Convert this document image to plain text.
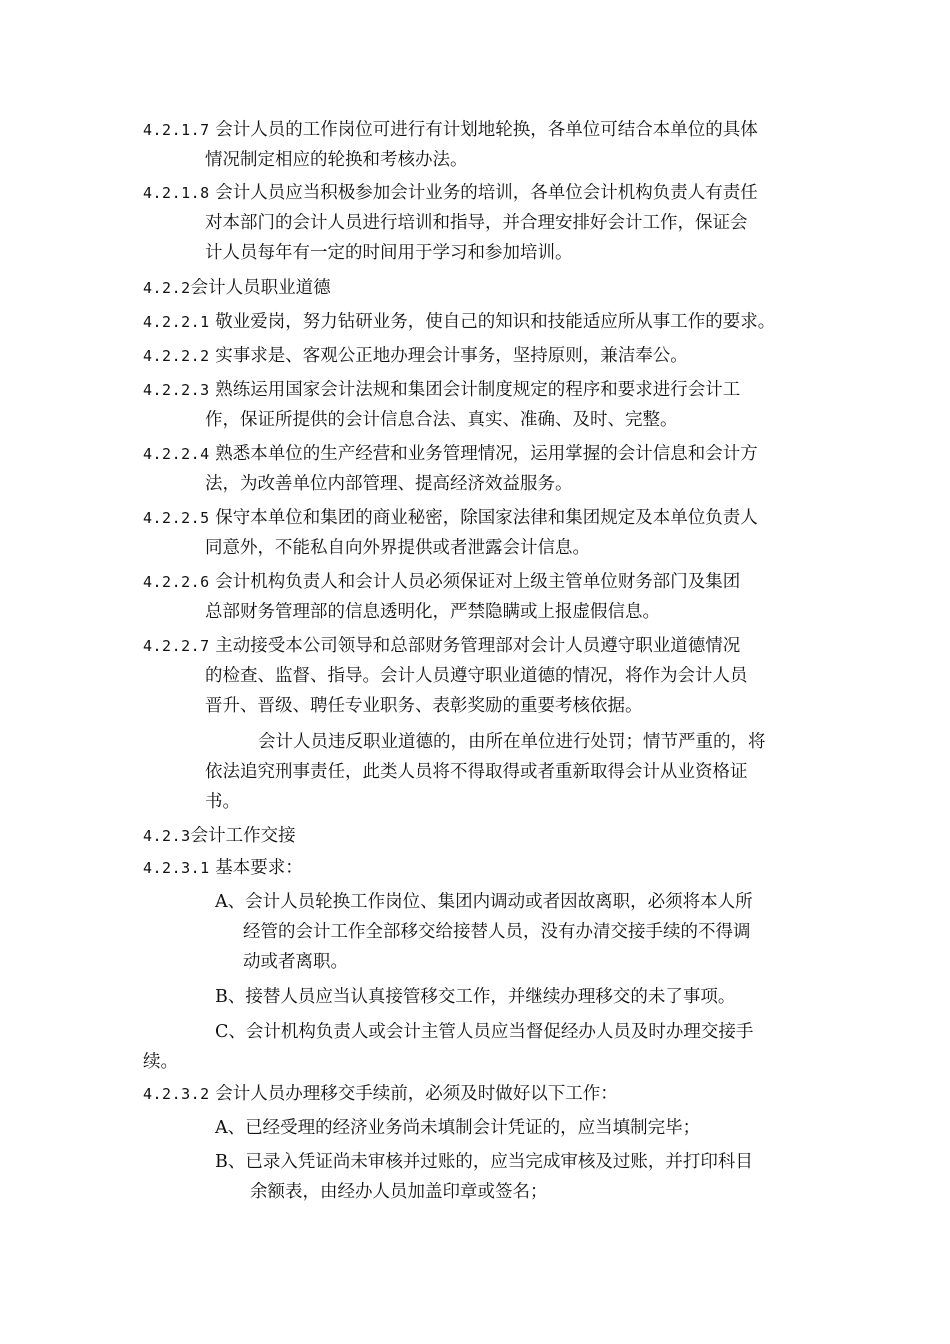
4.2.1.7 会计人员的工作岗位可进行有计划地轮换，各单位可结合本单位的具体
情况制定相应的轮换和考核办法。
4.2.1.8 会计人员应当积极参加会计业务的培训，各单位会计机构负责人有责任
对本部门的会计人员进行培训和指导，并合理安排好会计工作，保证会
计人员每年有一定的时间用于学习和参加培训。
4.2.2会计人员职业道德
4.2.2.1 敬业爱岗，努力钻研业务，使自己的知识和技能适应所从事工作的要求。
4.2.2.2 实事求是、客观公正地办理会计事务，坚持原则，兼洁奉公。
4.2.2.3 熟练运用国家会计法规和集团会计制度规定的程序和要求进行会计工
作，保证所提供的会计信息合法、真实、准确、及时、完整。
4.2.2.4 熟悉本单位的生产经营和业务管理情况，运用掌握的会计信息和会计方
法，为改善单位内部管理、提高经济效益服务。
4.2.2.5 保守本单位和集团的商业秘密，除国家法律和集团规定及本单位负责人
同意外，不能私自向外界提供或者泄露会计信息。
4.2.2.6 会计机构负责人和会计人员必须保证对上级主管单位财务部门及集团
总部财务管理部的信息透明化，严禁隐瞒或上报虚假信息。
4.2.2.7 主动接受本公司领导和总部财务管理部对会计人员遵守职业道德情况
的检查、监督、指导。会计人员遵守职业道德的情况，将作为会计人员
晋升、晋级、聘任专业职务、表彰奖励的重要考核依据。
会计人员违反职业道德的，由所在单位进行处罚；情节严重的，将
依法追究刑事责任，此类人员将不得取得或者重新取得会计从业资格证
书。
4.2.3会计工作交接
4.2.3.1 基本要求：
A、会计人员轮换工作岗位、集团内调动或者因故离职，必须将本人所
经管的会计工作全部移交给接替人员，没有办清交接手续的不得调
动或者离职。
B、接替人员应当认真接管移交工作，并继续办理移交的未了事项。
C、会计机构负责人或会计主管人员应当督促经办人员及时办理交接手
续。
4.2.3.2 会计人员办理移交手续前，必须及时做好以下工作：
A、已经受理的经济业务尚未填制会计凭证的，应当填制完毕；
B、已录入凭证尚未审核并过账的，应当完成审核及过账，并打印科目
余额表，由经办人员加盖印章或签名；
